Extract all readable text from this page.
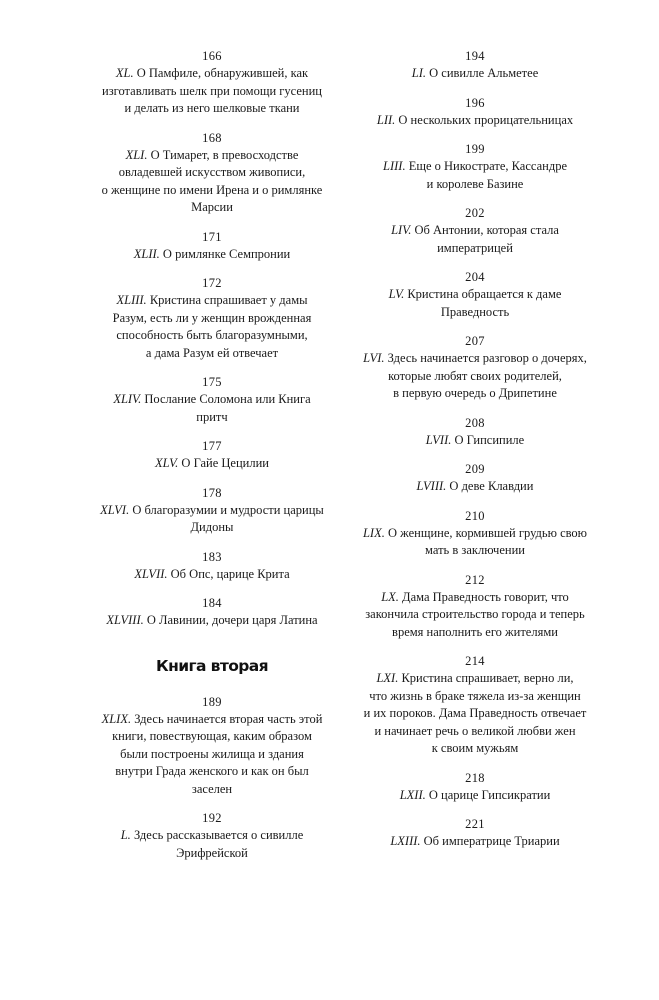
166
XL. О Памфиле, обнаружившей, как
изготавливать шелк при помощи гусениц
и делать из него шелковые ткани
168
XLI. О Тимарет, в превосходстве
овладевшей искусством живописи,
о женщине по имени Ирена и о римлянке
Марсии
171
XLII. О римлянке Семпронии
172
XLIII. Кристина спрашивает у дамы
Разум, есть ли у женщин врожденная
способность быть благоразумными,
а дама Разум ей отвечает
175
XLIV. Послание Соломона или Книга
притч
177
XLV. О Гайе Цецилии
178
XLVI. О благоразумии и мудрости царицы
Дидоны
183
XLVII. Об Опс, царице Крита
184
XLVIII. О Лавинии, дочери царя Латина
Книга вторая
189
XLIX. Здесь начинается вторая часть этой
книги, повествующая, каким образом
были построены жилища и здания
внутри Града женского и как он был
заселен
192
L. Здесь рассказывается о сивилле
Эрифрейской
194
LI. О сивилле Альметее
196
LII. О нескольких прорицательницах
199
LIII. Еще о Никострате, Кассандре
и королеве Базине
202
LIV. Об Антонии, которая стала
императрицей
204
LV. Кристина обращается к даме
Праведность
207
LVI. Здесь начинается разговор о дочерях,
которые любят своих родителей,
в первую очередь о Дрипетине
208
LVII. О Гипсипиле
209
LVIII. О деве Клавдии
210
LIX. О женщине, кормившей грудью свою
мать в заключении
212
LX. Дама Праведность говорит, что
закончила строительство города и теперь
время наполнить его жителями
214
LXI. Кристина спрашивает, верно ли,
что жизнь в браке тяжела из-за женщин
и их пороков. Дама Праведность отвечает
и начинает речь о великой любви жен
к своим мужьям
218
LXII. О царице Гипсикратии
221
LXIII. Об императрице Триарии
